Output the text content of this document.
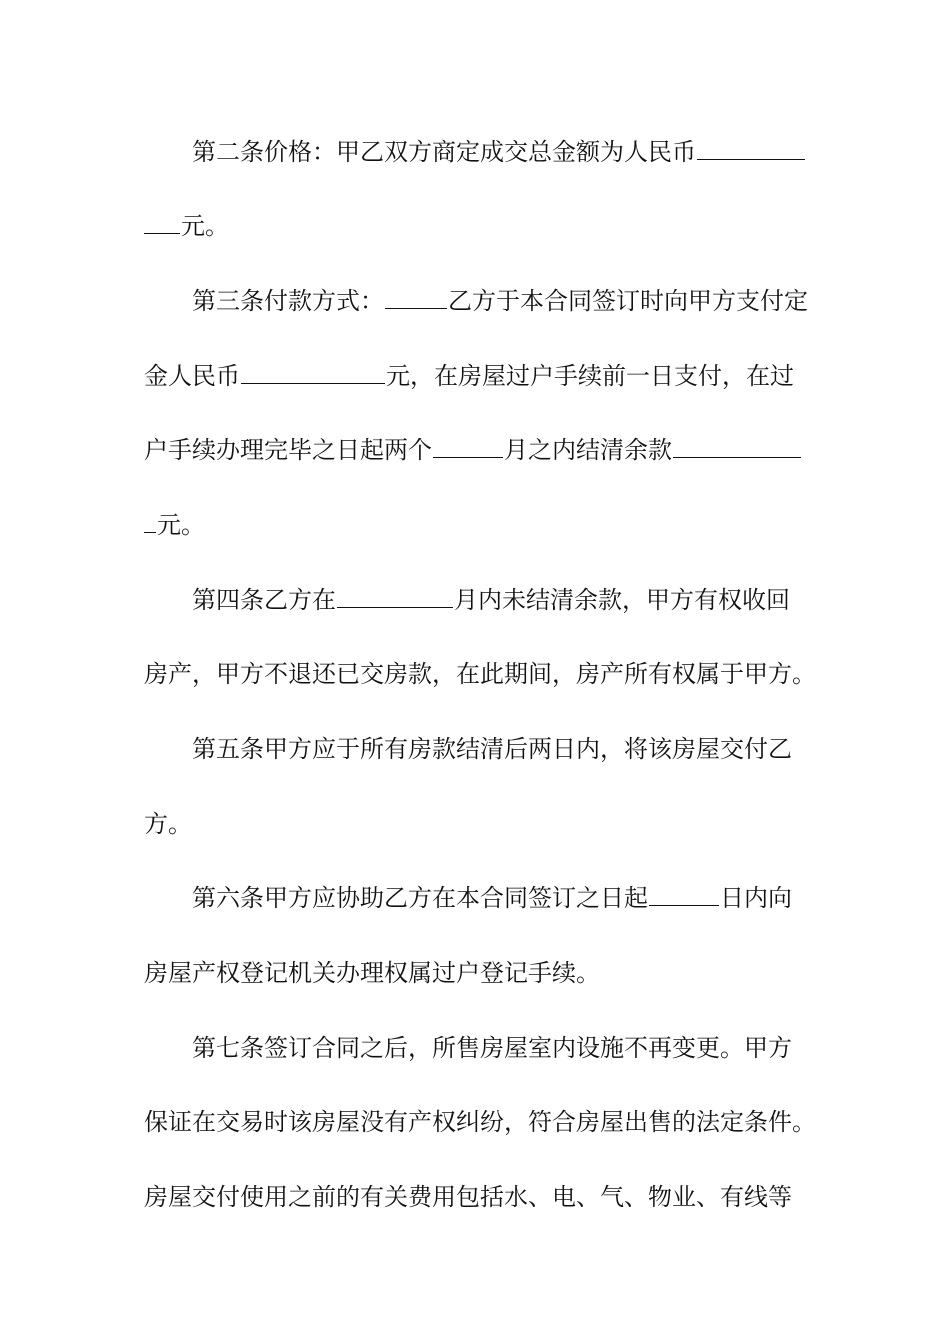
第二条价格：甲乙双方商定成交总金额为人民币
元。
第三条付款方式：	乙方于本合同签订时向甲方支付定
金人民币	元，在房屋过户手续前一日支付，在过
户手续办理完毕之日起两个	月之内结清余款
元。
第四条乙方在	月内未结清余款，甲方有权收回
房产，甲方不退还已交房款，在此期间，房产所有权属于甲方。
第五条甲方应于所有房款结清后两日内，将该房屋交付乙
方。
第六条甲方应协助乙方在本合同签订之日起	日内向
房屋产权登记机关办理权属过户登记手续。
第七条签订合同之后，所售房屋室内设施不再变更。甲方
保证在交易时该房屋没有产权纠纷，符合房屋出售的法定条件。
房屋交付使用之前的有关费用包括水、电、气、物业、有线等
